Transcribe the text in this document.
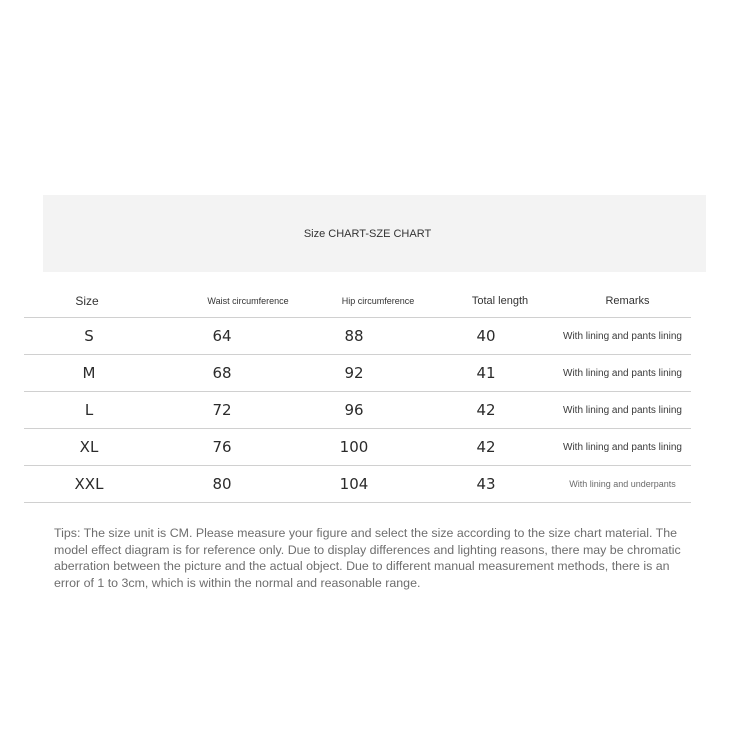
Size CHART-SZE CHART
Size	Waist circumference	Hip circumference	Total length	Remarks
S	64	88	40	With lining and pants lining
M	68	92	41	With lining and pants lining
L	72	96	42	With lining and pants lining
XL	76	100	42	With lining and pants lining
XXL	80	104	43	With lining and underpants
Tips: The size unit is CM. Please measure your figure and select the size according to the size chart material. The model effect diagram is for reference only. Due to display differences and lighting reasons, there may be chromatic aberration between the picture and the actual object. Due to different manual measurement methods, there is an error of 1 to 3cm, which is within the normal and reasonable range.
